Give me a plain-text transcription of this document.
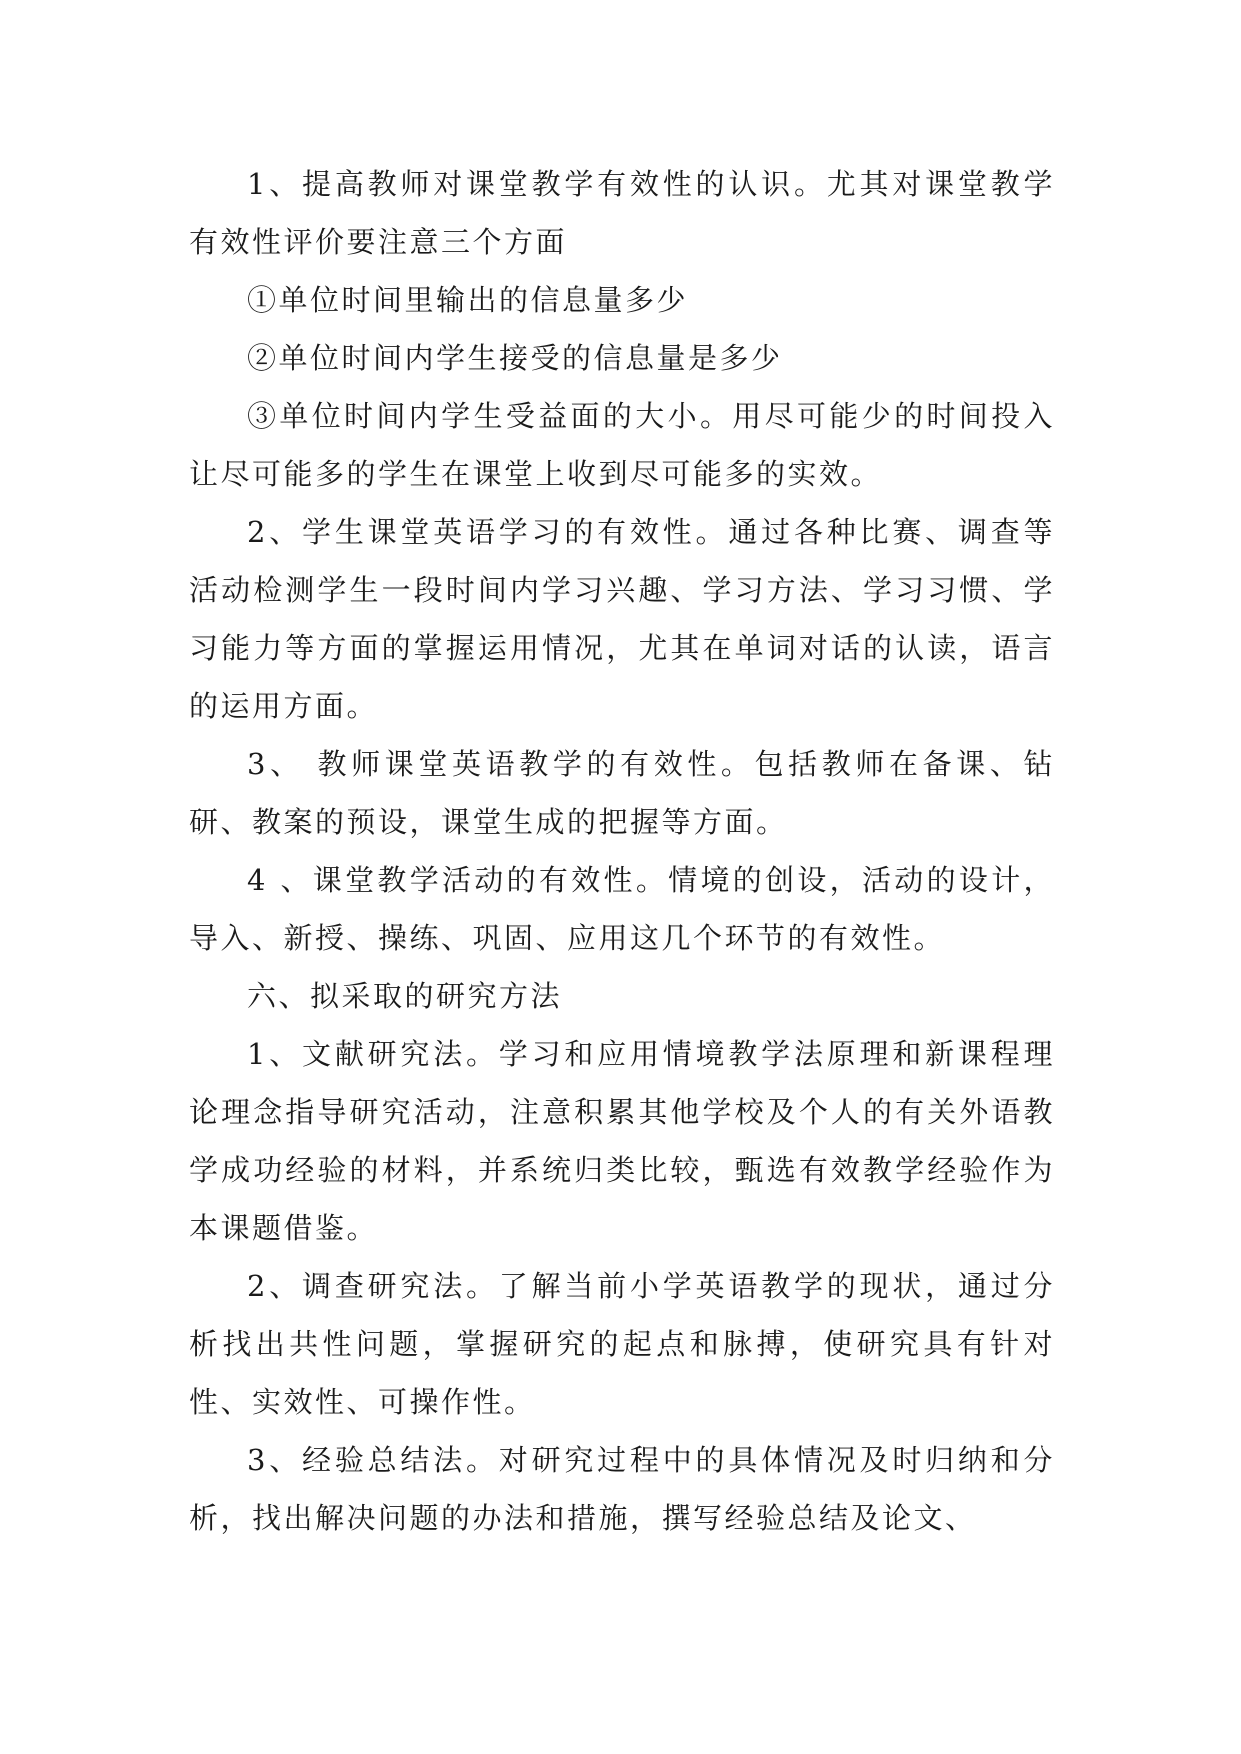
1、提高教师对课堂教学有效性的认识。尤其对课堂教学有效性评价要注意三个方面

①单位时间里输出的信息量多少

②单位时间内学生接受的信息量是多少

③单位时间内学生受益面的大小。用尽可能少的时间投入让尽可能多的学生在课堂上收到尽可能多的实效。

2、学生课堂英语学习的有效性。通过各种比赛、调查等活动检测学生一段时间内学习兴趣、学习方法、学习习惯、学习能力等方面的掌握运用情况，尤其在单词对话的认读，语言的运用方面。

3、 教师课堂英语教学的有效性。包括教师在备课、钻研、教案的预设，课堂生成的把握等方面。

4 、课堂教学活动的有效性。情境的创设，活动的设计，导入、新授、操练、巩固、应用这几个环节的有效性。

六、拟采取的研究方法

1、文献研究法。学习和应用情境教学法原理和新课程理论理念指导研究活动，注意积累其他学校及个人的有关外语教学成功经验的材料，并系统归类比较，甄选有效教学经验作为本课题借鉴。

2、调查研究法。了解当前小学英语教学的现状，通过分析找出共性问题，掌握研究的起点和脉搏，使研究具有针对性、实效性、可操作性。

3、经验总结法。对研究过程中的具体情况及时归纳和分析，找出解决问题的办法和措施，撰写经验总结及论文、
